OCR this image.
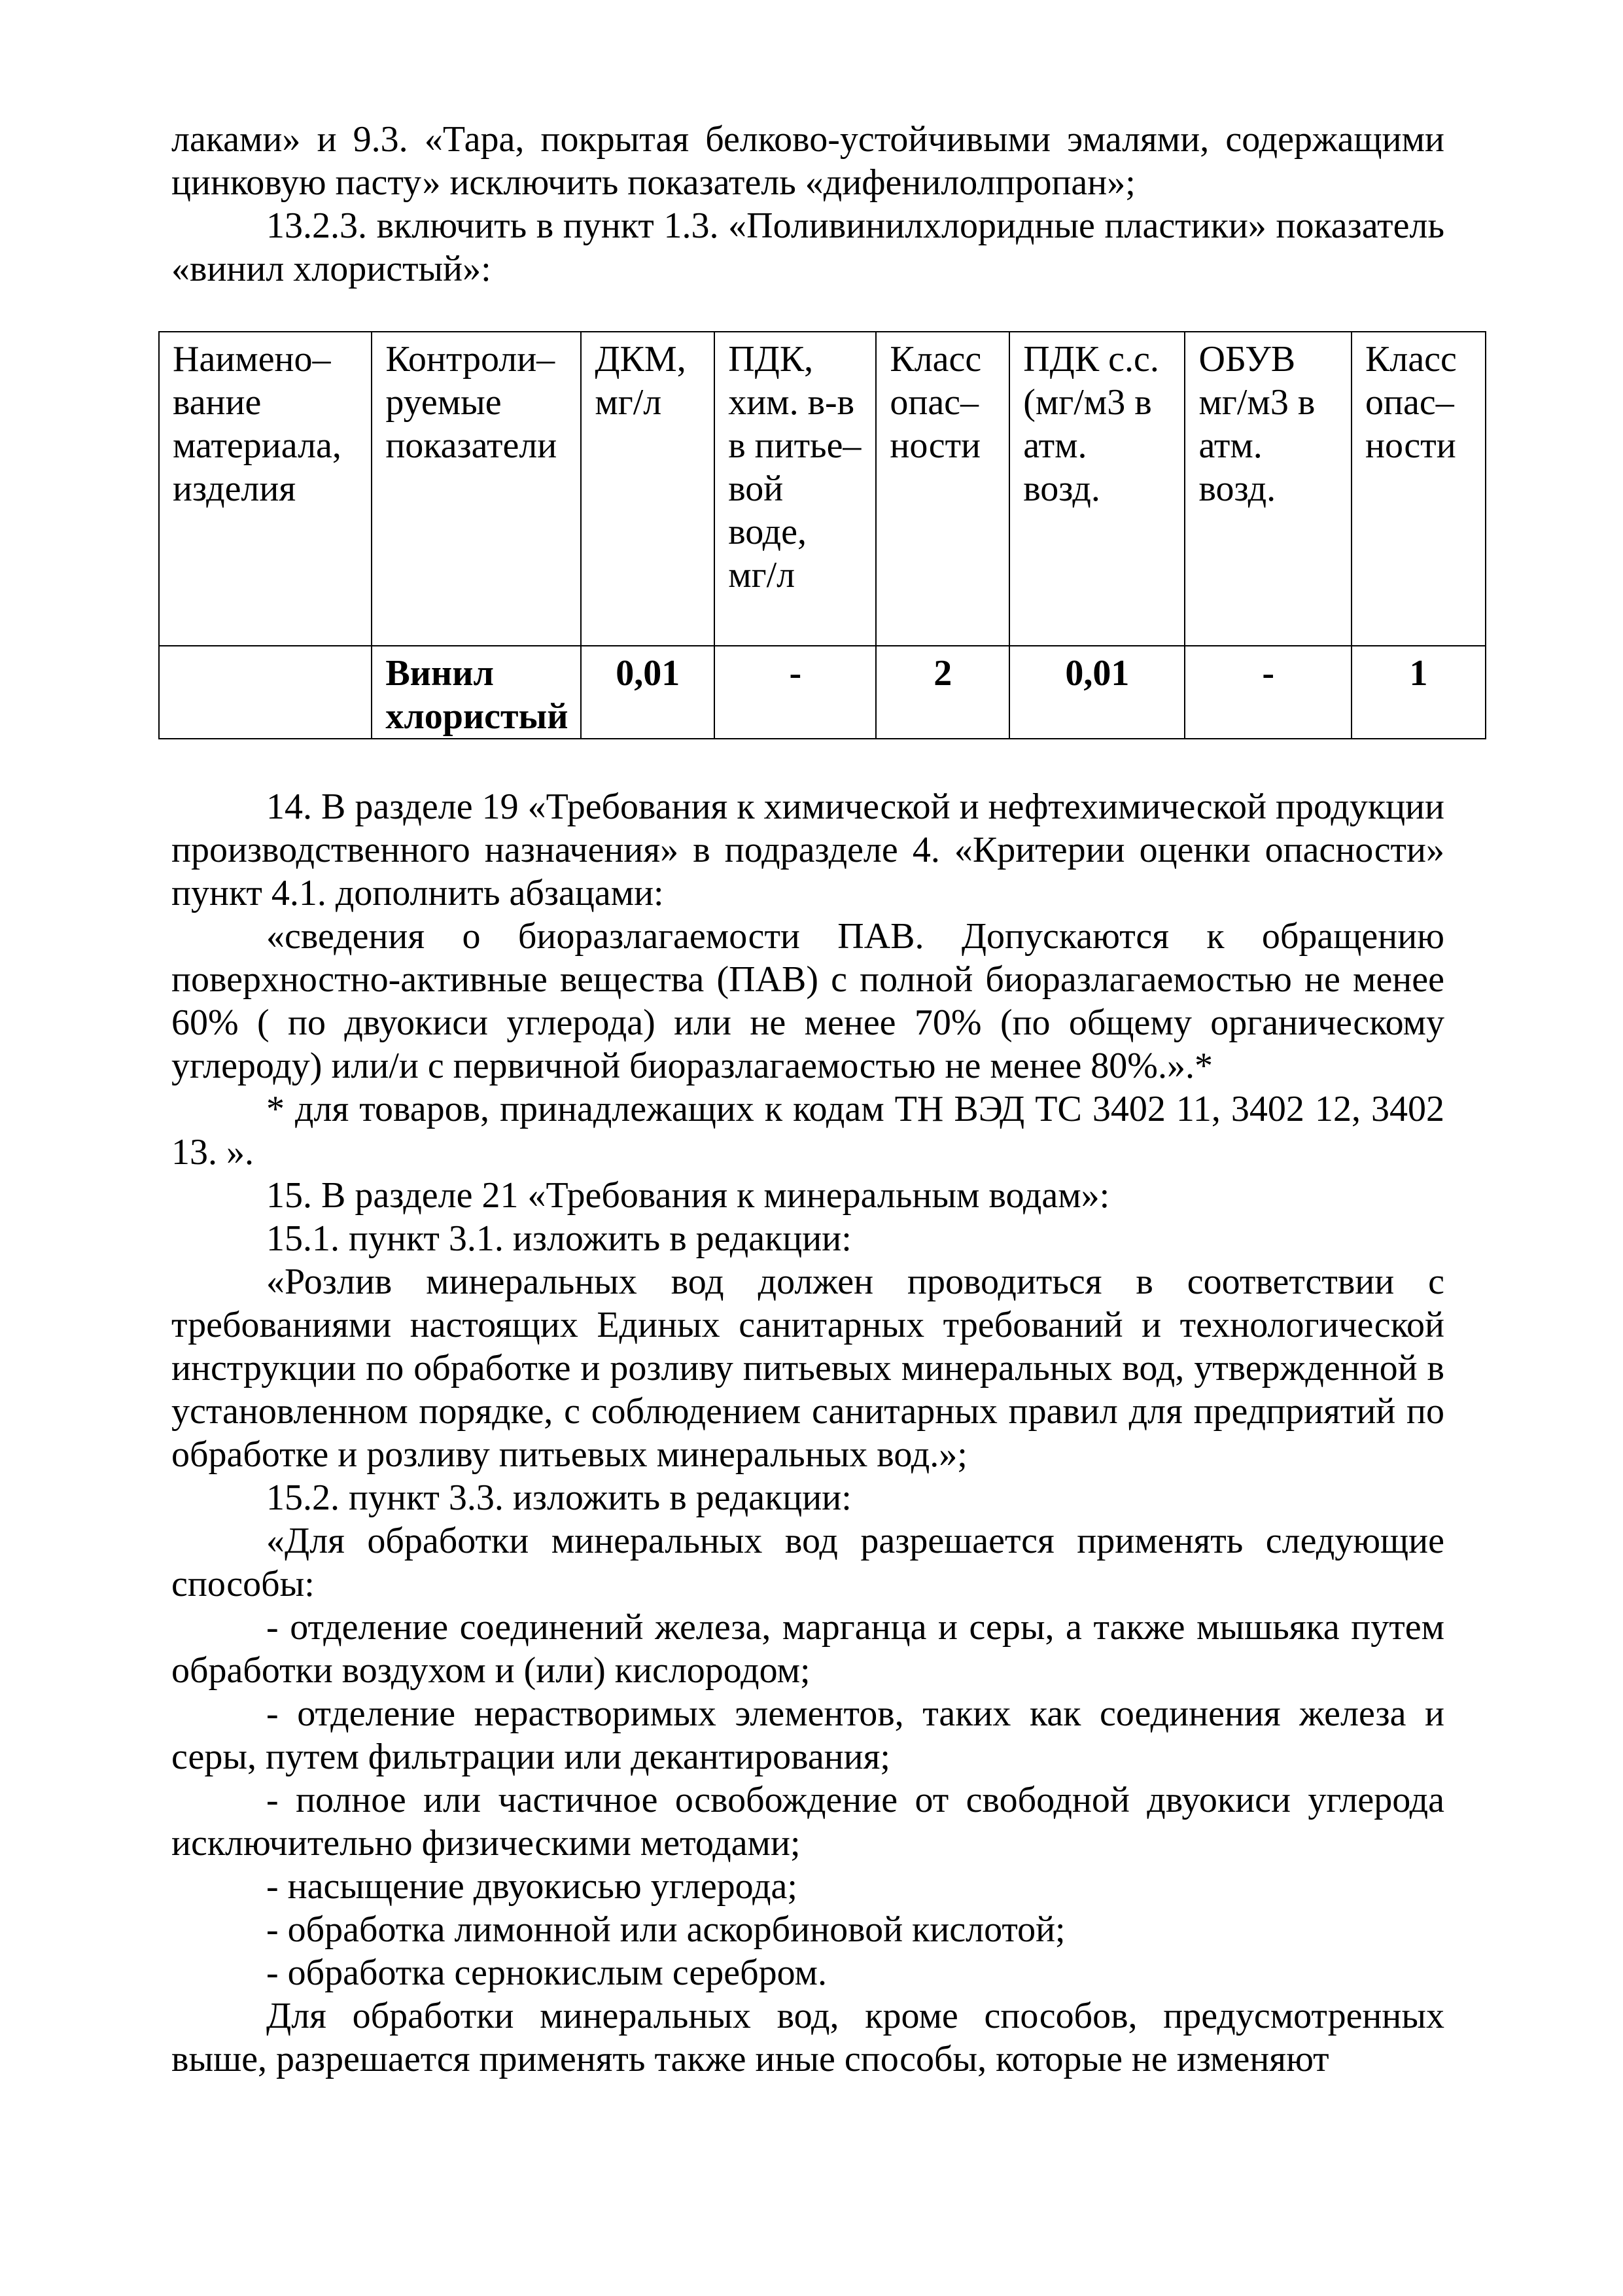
лаками» и 9.3. «Тара, покрытая белково-устойчивыми эмалями, содержащими цинковую пасту» исключить показатель «дифенилолпропан»;

13.2.3. включить в пункт 1.3. «Поливинилхлоридные пластики» показатель «винил хлористый»:

Наимено– вание материала, изделия	Контроли– руемые показатели	ДКМ, мг/л	ПДК, хим. в-в в питье– вой воде, мг/л	Класс опас– ности	ПДК с.с. (мг/м3 в атм. возд.	ОБУВ мг/м3 в атм. возд.	Класс опас– ности
	Винил хлористый	0,01	-	2	0,01	-	1

14. В разделе 19 «Требования к химической и нефтехимической продукции производственного назначения» в подразделе 4. «Критерии оценки опасности» пункт 4.1. дополнить абзацами:

«сведения о биоразлагаемости ПАВ. Допускаются к обращению поверхностно-активные вещества (ПАВ) с полной биоразлагаемостью не менее 60% ( по двуокиси углерода) или не менее 70% (по общему органическому углероду) или/и с первичной биоразлагаемостью не менее 80%.».*

* для товаров, принадлежащих к кодам ТН ВЭД ТС 3402 11, 3402 12, 3402 13. ».

15. В разделе 21 «Требования к минеральным водам»:

15.1. пункт 3.1. изложить в редакции:

«Розлив минеральных вод должен проводиться в соответствии с требованиями настоящих Единых санитарных требований и технологической инструкции по обработке и розливу питьевых минеральных вод, утвержденной в установленном порядке, с соблюдением санитарных правил для предприятий по обработке и розливу питьевых минеральных вод.»;

15.2. пункт 3.3. изложить в редакции:

«Для обработки минеральных вод разрешается применять следующие способы:

- отделение соединений железа, марганца и серы, а также мышьяка путем обработки воздухом и (или) кислородом;

- отделение нерастворимых элементов, таких как соединения железа и серы, путем фильтрации или декантирования;

- полное или частичное освобождение от свободной двуокиси углерода исключительно физическими методами;

- насыщение двуокисью углерода;

- обработка лимонной или аскорбиновой кислотой;

- обработка сернокислым серебром.

Для обработки минеральных вод, кроме способов, предусмотренных выше, разрешается применять также иные способы, которые не изменяют
